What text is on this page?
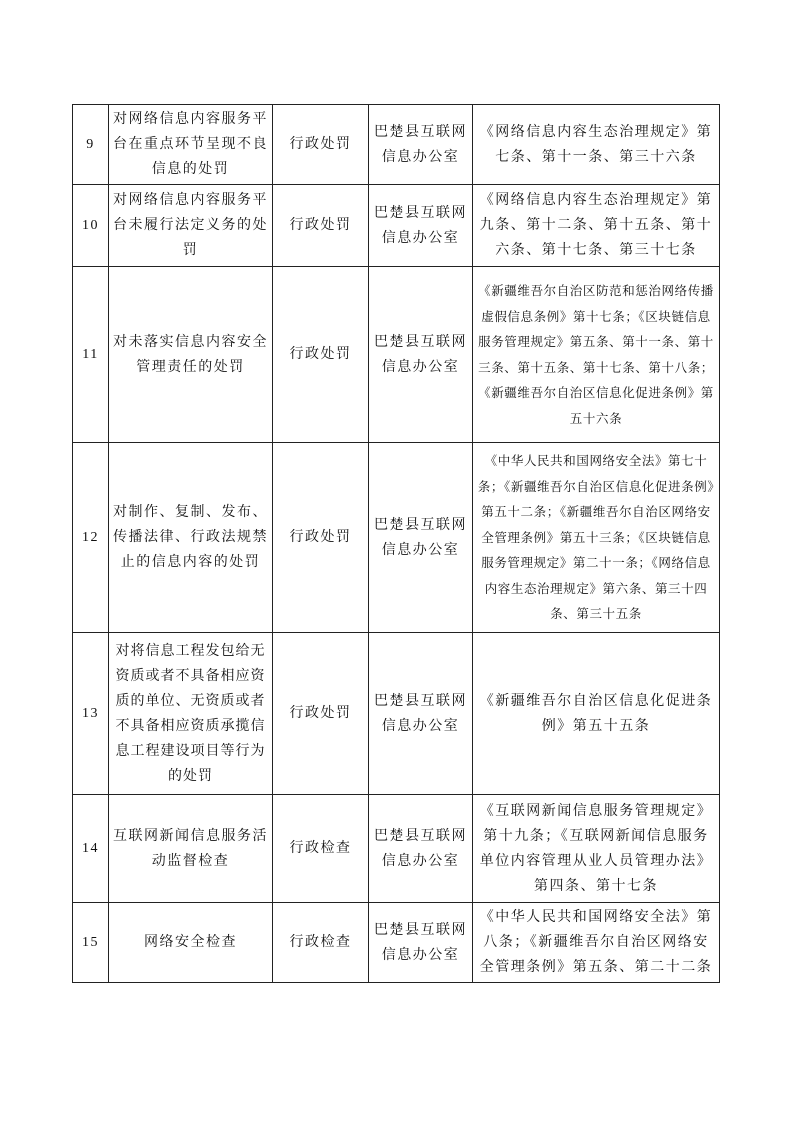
9	对网络信息内容服务平台在重点环节呈现不良信息的处罚	行政处罚	巴楚县互联网信息办公室	《网络信息内容生态治理规定》第七条、第十一条、第三十六条
10	对网络信息内容服务平台未履行法定义务的处罚	行政处罚	巴楚县互联网信息办公室	《网络信息内容生态治理规定》第九条、第十二条、第十五条、第十六条、第十七条、第三十七条
11	对未落实信息内容安全管理责任的处罚	行政处罚	巴楚县互联网信息办公室	《新疆维吾尔自治区防范和惩治网络传播虚假信息条例》第十七条；《区块链信息服务管理规定》第五条、第十一条、第十三条、第十五条、第十七条、第十八条；《新疆维吾尔自治区信息化促进条例》第五十六条
12	对制作、复制、发布、传播法律、行政法规禁止的信息内容的处罚	行政处罚	巴楚县互联网信息办公室	《中华人民共和国网络安全法》第七十条；《新疆维吾尔自治区信息化促进条例》第五十二条；《新疆维吾尔自治区网络安全管理条例》第五十三条；《区块链信息服务管理规定》第二十一条；《网络信息内容生态治理规定》第六条、第三十四条、第三十五条
13	对将信息工程发包给无资质或者不具备相应资质的单位、无资质或者不具备相应资质承揽信息工程建设项目等行为的处罚	行政处罚	巴楚县互联网信息办公室	《新疆维吾尔自治区信息化促进条例》第五十五条
14	互联网新闻信息服务活动监督检查	行政检查	巴楚县互联网信息办公室	《互联网新闻信息服务管理规定》第十九条；《互联网新闻信息服务单位内容管理从业人员管理办法》第四条、第十七条
15	网络安全检查	行政检查	巴楚县互联网信息办公室	《中华人民共和国网络安全法》第八条；《新疆维吾尔自治区网络安全管理条例》第五条、第二十二条
